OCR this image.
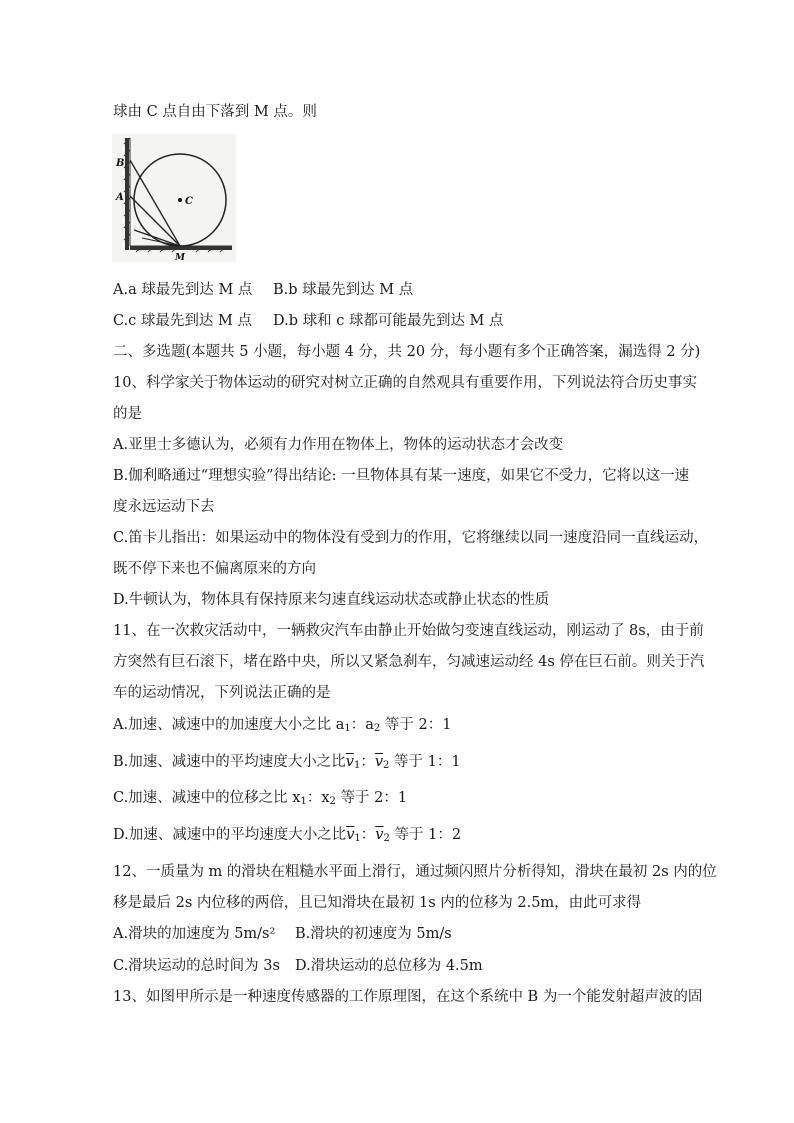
球由 C 点自由下落到 M 点。则
B
A	C
M
A.a 球最先到达 M 点 B.b 球最先到达 M 点
C.c 球最先到达 M 点 D.b 球和 c 球都可能最先到达 M 点
二、多选题(本题共 5 小题，每小题 4 分，共 20 分，每小题有多个正确答案，漏选得 2 分)
10、科学家关于物体运动的研究对树立正确的自然观具有重要作用，下列说法符合历史事实
的是
A.亚里士多德认为，必须有力作用在物体上，物体的运动状态才会改变
B.伽利略通过“理想实验”得出结论: 一旦物体具有某一速度，如果它不受力，它将以这一速
度永远运动下去
C.笛卡儿指出：如果运动中的物体没有受到力的作用，它将继续以同一速度沿同一直线运动，
既不停下来也不偏离原来的方向
D.牛顿认为，物体具有保持原来匀速直线运动状态或静止状态的性质
11、在一次救灾活动中，一辆救灾汽车由静止开始做匀变速直线运动，刚运动了 8s，由于前
方突然有巨石滚下，堵在路中央，所以又紧急刹车，匀减速运动经 4s 停在巨石前。则关于汽
车的运动情况，下列说法正确的是
A.加速、减速中的加速度大小之比 $a_1$：$a_2$ 等于 2：1
B.加速、减速中的平均速度大小之比$\overline{v}_1$：$\overline{v}_2$ 等于 1：1
C.加速、减速中的位移之比 $x_1$：$x_2$ 等于 2：1
D.加速、减速中的平均速度大小之比$\overline{v}_1$：$\overline{v}_2$ 等于 1：2
12、一质量为 m 的滑块在粗糙水平面上滑行，通过频闪照片分析得知，滑块在最初 2s 内的位
移是最后 2s 内位移的两倍，且已知滑块在最初 1s 内的位移为 2.5m，由此可求得
A.滑块的加速度为 5m/s² B.滑块的初速度为 5m/s
C.滑块运动的总时间为 3s D.滑块运动的总位移为 4.5m
13、如图甲所示是一种速度传感器的工作原理图，在这个系统中 B 为一个能发射超声波的固
